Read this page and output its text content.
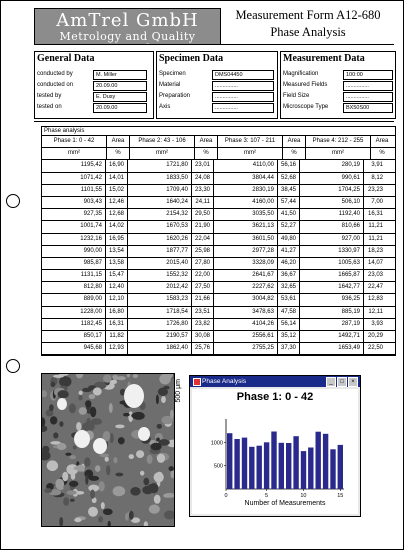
AmTrel GmbH
Metrology and Quality Control
Measurement Form A12-680
Phase Analysis
General Data
conducted by	M. Miller
conducted on	20.09.00
tested by	E. Dusy
tested on	20.09.00
Specimen Data
Specimen	DMS04450
Material	...............
Preparation	...............
Axis	...............
Measurement Data
Magnification	100:00
Measured Fields	...............
Field Size	...............
Microscope Type	BX50S00
Phase analysis
Phase 1: 0 - 42	Area	Phase 2: 43 - 106	Area	Phase 3: 107 - 211	Area	Phase 4: 212 - 255	Area
mm²	%	mm²	%	mm²	%	mm²	%
1195,42	16,90	1721,80	23,01	4110,00	56,16	280,19	3,91
1071,42	14,01	1833,50	24,08	3804,44	52,68	990,61	8,12
1101,55	15,02	1709,40	23,30	2830,19	38,45	1704,25	23,23
903,43	12,46	1640,24	24,11	4160,00	57,44	506,10	7,00
927,35	12,68	2154,32	29,50	3035,50	41,50	1192,40	16,31
1001,74	14,02	1670,53	21,90	3621,13	52,27	810,66	11,21
1232,16	16,95	1620,26	22,04	3601,50	49,80	927,00	11,21
990,00	13,54	1877,77	25,98	2977,28	41,27	1330,97	18,23
985,87	13,58	2015,40	27,80	3328,09	46,20	1005,63	14,07
1131,15	15,47	1552,32	22,00	2641,67	36,67	1665,87	23,03
812,80	12,40	2012,42	27,50	2227,62	32,65	1642,77	22,47
889,00	12,10	1583,23	21,66	3004,82	53,61	936,25	12,83
1228,00	16,80	1718,54	23,51	3478,63	47,58	885,19	12,11
1182,45	16,31	1726,80	23,82	4104,26	56,14	287,19	3,93
850,17	11,82	2190,57	30,08	2556,61	35,12	1492,71	20,29
945,68	12,93	1862,40	25,76	2755,25	37,30	1653,49	22,50
500 μm	Phase Analysis	_	□	×
Phase 1: 0 - 42
500
1000
0	5	10	15
Number of Measurements
